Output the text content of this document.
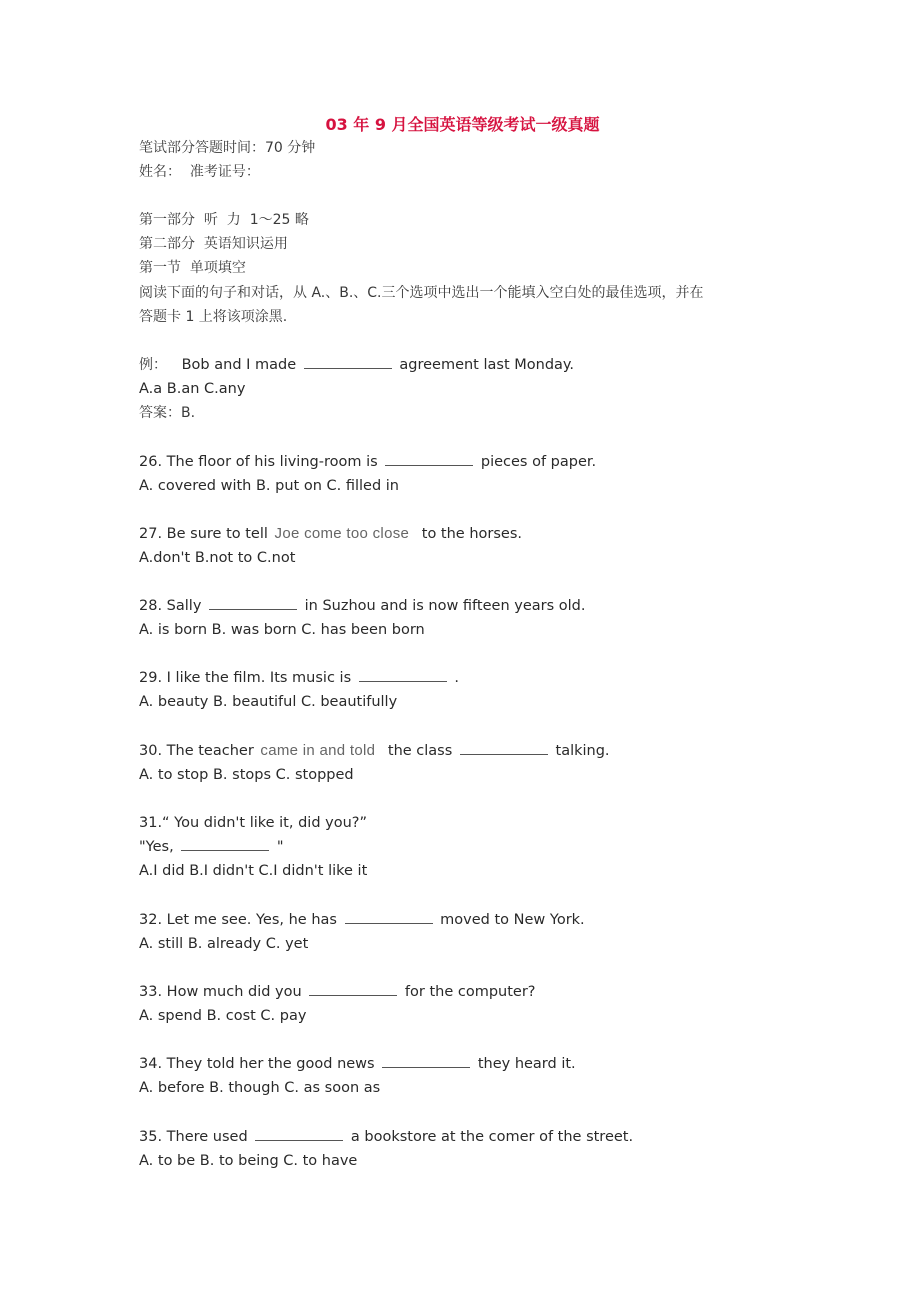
03 年 9 月全国英语等级考试一级真题
笔试部分答题时间：70 分钟
姓名：  准考证号：
第一部分  听  力  1～25 略
第二部分  英语知识运用
第一节  单项填空
阅读下面的句子和对话，从 A.、B.、C.三个选项中选出一个能填入空白处的最佳选项，并在
答题卡 1 上将该项涂黑.
例： Bob and I made	agreement last Monday.
A.a B.an C.any
答案：B.
26. The floor of his living-room is	pieces of paper.
A. covered with B. put on C. filled in
27. Be sure to tell Joe come too close to the horses.
A.don't B.not to C.not
28. Sally	in Suzhou and is now fifteen years old.
A. is born B. was born C. has been born
29. I like the film. Its music is	.
A. beauty B. beautiful C. beautifully
30. The teacher came in and told the class	talking.
A. to stop B. stops C. stopped
31.“ You didn't like it, did you?”
"Yes,	"
A.I did B.I didn't C.I didn't like it
32. Let me see. Yes, he has	moved to New York.
A. still B. already C. yet
33. How much did you	for the computer?
A. spend B. cost C. pay
34. They told her the good news	they heard it.
A. before B. though C. as soon as
35. There used	a bookstore at the comer of the street.
A. to be B. to being C. to have
